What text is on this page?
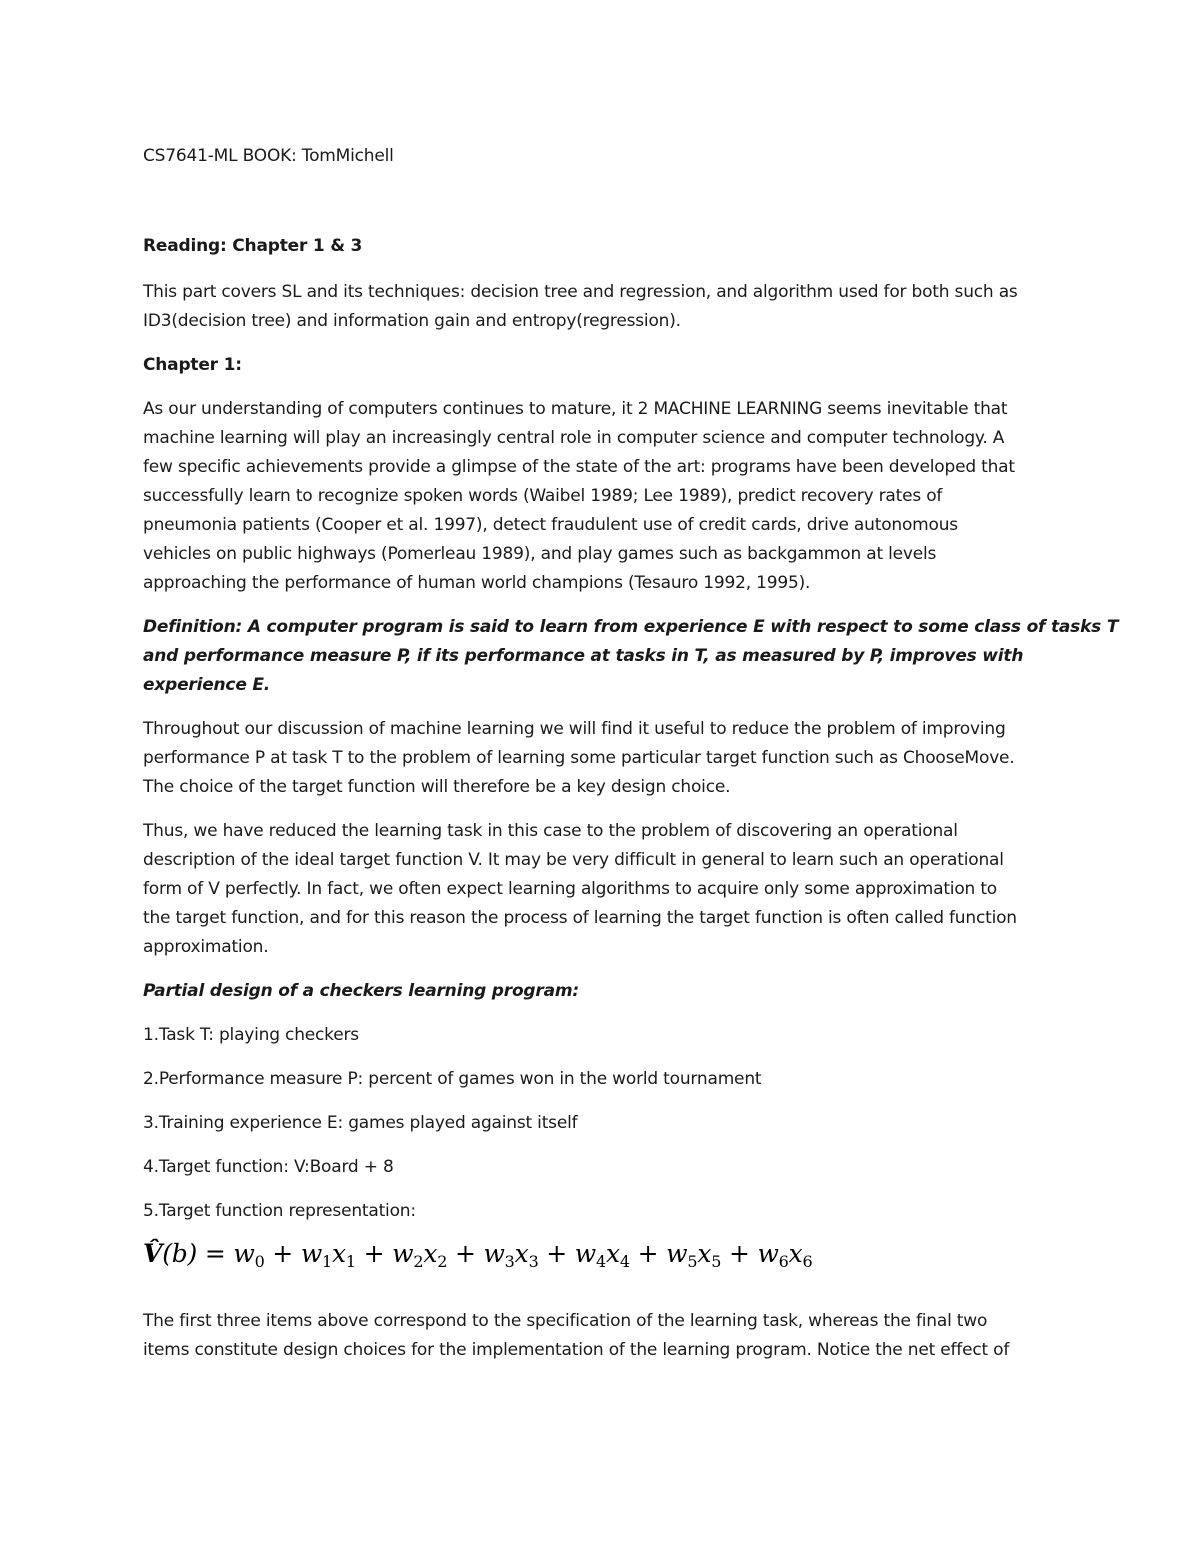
CS7641-ML BOOK: TomMichell

Reading: Chapter 1 & 3

This part covers SL and its techniques: decision tree and regression, and algorithm used for both such as

ID3(decision tree) and information gain and entropy(regression).

Chapter 1:

As our understanding of computers continues to mature, it 2 MACHINE LEARNING seems inevitable that

machine learning will play an increasingly central role in computer science and computer technology. A

few specific achievements provide a glimpse of the state of the art: programs have been developed that

successfully learn to recognize spoken words (Waibel 1989; Lee 1989), predict recovery rates of

pneumonia patients (Cooper et al. 1997), detect fraudulent use of credit cards, drive autonomous

vehicles on public highways (Pomerleau 1989), and play games such as backgammon at levels

approaching the performance of human world champions (Tesauro 1992, 1995).

Definition: A computer program is said to learn from experience E with respect to some class of tasks T

and performance measure P, if its performance at tasks in T, as measured by P, improves with

experience E.

Throughout our discussion of machine learning we will find it useful to reduce the problem of improving

performance P at task T to the problem of learning some particular target function such as ChooseMove.

The choice of the target function will therefore be a key design choice.

Thus, we have reduced the learning task in this case to the problem of discovering an operational

description of the ideal target function V. It may be very difficult in general to learn such an operational

form of V perfectly. In fact, we often expect learning algorithms to acquire only some approximation to

the target function, and for this reason the process of learning the target function is often called function

approximation.

Partial design of a checkers learning program:

1.Task T: playing checkers

2.Performance measure P: percent of games won in the world tournament

3.Training experience E: games played against itself

4.Target function: V:Board + 8

5.Target function representation:

V̂(b) = $w_0 + w_1x_1 + w_2x_2 + w_3x_3 + w_4x_4 + w_5x_5 + w_6x_6$

The first three items above correspond to the specification of the learning task, whereas the final two

items constitute design choices for the implementation of the learning program. Notice the net effect of
